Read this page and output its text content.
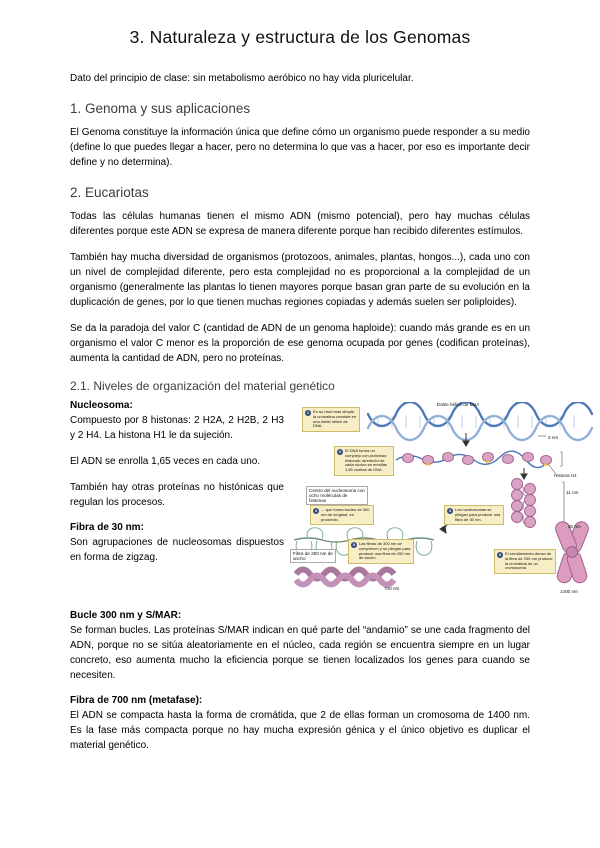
3. Naturaleza y estructura de los Genomas

Dato del principio de clase: sin metabolismo aeróbico no hay vida pluricelular.

1. Genoma y sus aplicaciones

El Genoma constituye la información única que define cómo un organismo puede responder a su medio (define lo que puedes llegar a hacer, pero no determina lo que vas a hacer, por eso es importante decir define y no determina).

2. Eucariotas

Todas las células humanas tienen el mismo ADN (mismo potencial), pero hay muchas células diferentes porque este ADN se expresa de manera diferente porque han recibido diferentes estímulos.

También hay mucha diversidad de organismos (protozoos, animales, plantas, hongos...), cada uno con un nivel de complejidad diferente, pero esta complejidad no es proporcional a la complejidad de un organismo (generalmente las plantas lo tienen mayores porque basan gran parte de su evolución en la duplicación de genes, por lo que tienen muchas regiones copiadas y además suelen ser poliploides).

Se da la paradoja del valor C (cantidad de ADN de un genoma haploide): cuando más grande es en un organismo el valor C menor es la proporción de ese genoma ocupada por genes (codifican proteínas), aumenta la cantidad de ADN, pero no proteínas.

2.1. Niveles de organización del material genético

Nucleosoma:

Compuesto por 8 histonas: 2 H2A, 2 H2B, 2 H3 y 2 H4. La histona H1 le da sujeción.

El ADN se enrolla 1,65 veces en cada uno.

También hay otras proteínas no histónicas que regulan los procesos.

Fibra de 30 nm:

Son agrupaciones de nucleosomas dispuestos en forma de zigzag.

1 En su nivel más simple, la cromatina consiste en una doble hélice de DNA.
2 El DNA forma un complejo con proteínas histonas; alrededor de cada núcleo se enrollan 1,65 vueltas de DNA.
3 Los nucleosomas se pliegan para producir una fibra de 30 nm.
4 ... que forma bucles de 300 nm de longitud, en promedio.
5 Las fibras de 300 nm se comprimen y se pliegan para producir una fibra de 250 nm de ancho.
6 El enrollamiento denso de la fibra de 250 nm produce la cromátida de un cromosoma.
Doble hélice de DNA
2 nm
Histona H1
11 nm
Centro del nucleosoma con ocho moléculas de histonas
30 nm
Fibra de 250 nm de ancho
700 nm
1400 nm

Bucle 300 nm y S/MAR:

Se forman bucles. Las proteínas S/MAR indican en qué parte del “andamio” se une cada fragmento del ADN, porque no se sitúa aleatoriamente en el núcleo, cada región se encuentra siempre en un lugar concreto, eso aumenta mucho la eficiencia porque se tienen localizados los genes para cuando se necesiten.

Fibra de 700 nm (metafase):

El ADN se compacta hasta la forma de cromátida, que 2 de ellas forman un cromosoma de 1400 nm. Es la fase más compacta porque no hay mucha expresión génica y el único objetivo es duplicar el material genético.
